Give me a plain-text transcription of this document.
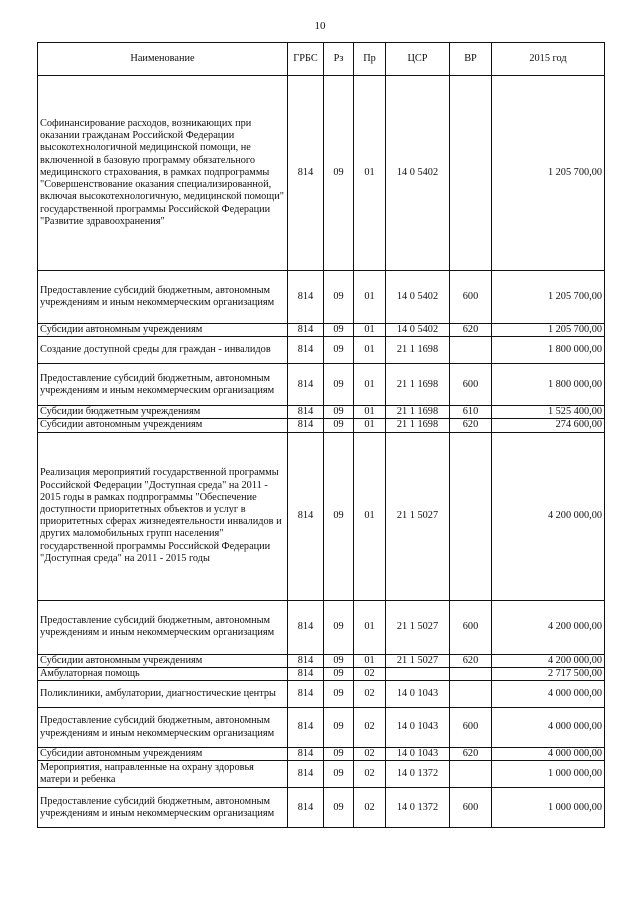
10
Наименование	ГРБС	Рз	Пр	ЦСР	ВР	2015 год
Софинансирование расходов, возникающих при оказании гражданам Российской Федерации высокотехнологичной медицинской помощи, не включенной в базовую программу обязательного медицинского страхования, в рамках подпрограммы "Совершенствование оказания специализированной, включая высокотехнологичную, медицинской помощи" государственной программы Российской Федерации "Развитие здравоохранения"	814	09	01	14 0 5402		1 205 700,00
Предоставление субсидий бюджетным, автономным учреждениям и иным некоммерческим организациям	814	09	01	14 0 5402	600	1 205 700,00
Субсидии автономным учреждениям	814	09	01	14 0 5402	620	1 205 700,00
Создание доступной среды для граждан - инвалидов	814	09	01	21 1 1698		1 800 000,00
Предоставление субсидий бюджетным, автономным учреждениям и иным некоммерческим организациям	814	09	01	21 1 1698	600	1 800 000,00
Субсидии бюджетным учреждениям	814	09	01	21 1 1698	610	1 525 400,00
Субсидии автономным учреждениям	814	09	01	21 1 1698	620	274 600,00
Реализация мероприятий государственной программы Российской Федерации "Доступная среда" на 2011 - 2015 годы в рамках подпрограммы "Обеспечение доступности приоритетных объектов и услуг в приоритетных сферах жизнедеятельности инвалидов и других маломобильных групп населения" государственной программы Российской Федерации "Доступная среда" на 2011 - 2015 годы	814	09	01	21 1 5027		4 200 000,00
Предоставление субсидий бюджетным, автономным учреждениям и иным некоммерческим организациям	814	09	01	21 1 5027	600	4 200 000,00
Субсидии автономным учреждениям	814	09	01	21 1 5027	620	4 200 000,00
Амбулаторная помощь	814	09	02			2 717 500,00
Поликлиники, амбулатории, диагностические центры	814	09	02	14 0 1043		4 000 000,00
Предоставление субсидий бюджетным, автономным учреждениям и иным некоммерческим организациям	814	09	02	14 0 1043	600	4 000 000,00
Субсидии автономным учреждениям	814	09	02	14 0 1043	620	4 000 000,00
Мероприятия, направленные на охрану здоровья матери и ребенка	814	09	02	14 0 1372		1 000 000,00
Предоставление субсидий бюджетным, автономным учреждениям и иным некоммерческим организациям	814	09	02	14 0 1372	600	1 000 000,00
